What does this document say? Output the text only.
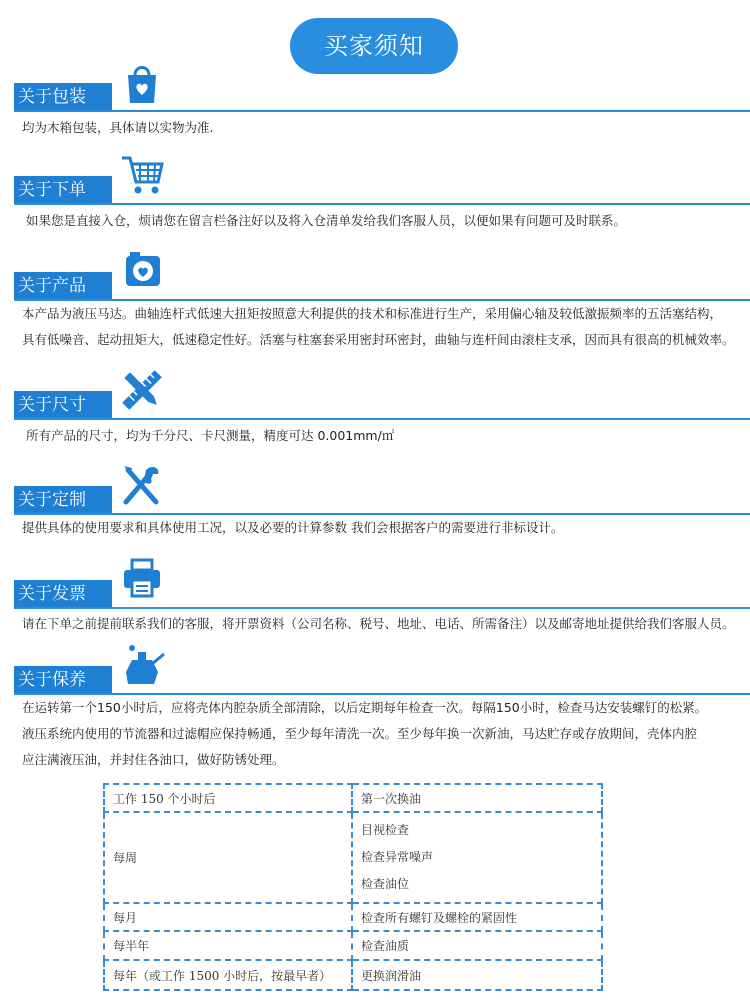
买家须知
关于包装

均为木箱包装，具体请以实物为准.

关于下单

如果您是直接入仓，烦请您在留言栏备注好以及将入仓清单发给我们客服人员，以便如果有问题可及时联系。

关于产品

本产品为液压马达。曲轴连杆式低速大扭矩按照意大利提供的技术和标准进行生产，采用偏心轴及较低激振频率的五活塞结构，

具有低噪音、起动扭矩大，低速稳定性好。活塞与柱塞套采用密封环密封，曲轴与连杆间由滚柱支承，因而具有很高的机械效率。

关于尺寸

所有产品的尺寸，均为千分尺、卡尺测量，精度可达 0.001mm/㎡

关于定制

提供具体的使用要求和具体使用工况，以及必要的计算参数 我们会根据客户的需要进行非标设计。

关于发票

请在下单之前提前联系我们的客服，将开票资料（公司名称、税号、地址、电话、所需备注）以及邮寄地址提供给我们客服人员。

关于保养

在运转第一个150小时后，应将壳体内腔杂质全部清除，以后定期每年检查一次。每隔150小时，检查马达安装螺钉的松紧。

液压系统内使用的节流器和过滤帽应保持畅通，至少每年清洗一次。至少每年换一次新油，马达贮存或存放期间，壳体内腔

应注满液压油，并封住各油口，做好防锈处理。

工作 150 个小时后	第一次换油
每周	目视检查
检查异常噪声
检查油位

每月	检查所有螺钉及螺栓的紧固性
每半年	检查油质
每年（或工作 1500 小时后，按最早者）	更换润滑油
